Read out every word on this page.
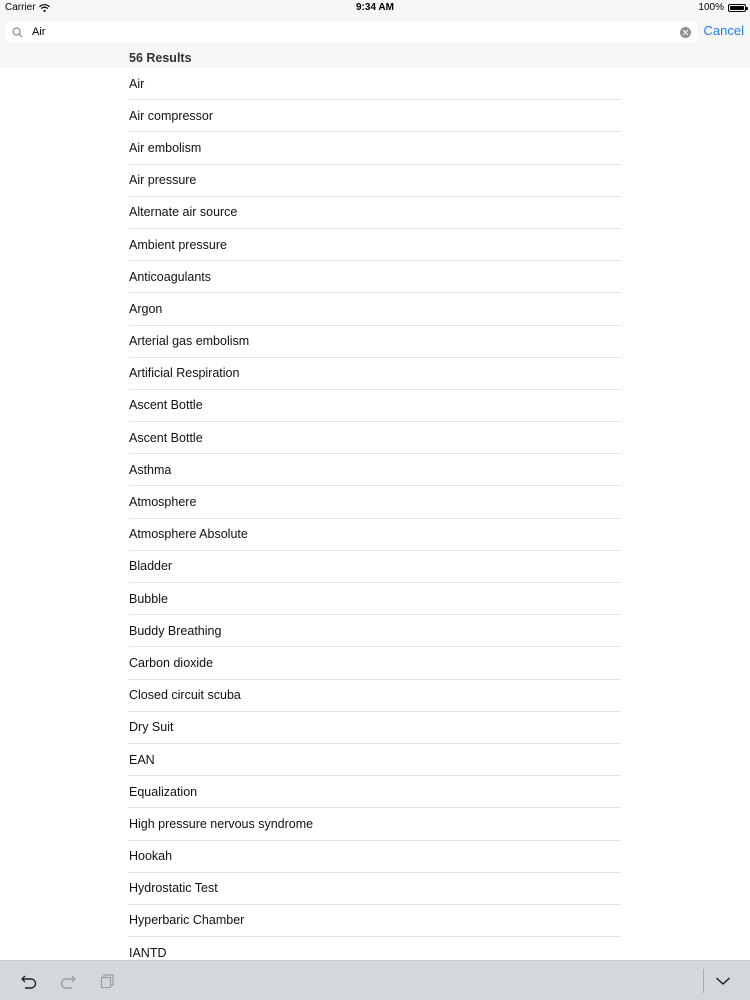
Carrier	9:34 AM	100%
Air	Cancel
56 Results
Air
Air compressor
Air embolism
Air pressure
Alternate air source
Ambient pressure
Anticoagulants
Argon
Arterial gas embolism
Artificial Respiration
Ascent Bottle
Ascent Bottle
Asthma
Atmosphere
Atmosphere Absolute
Bladder
Bubble
Buddy Breathing
Carbon dioxide
Closed circuit scuba
Dry Suit
EAN
Equalization
High pressure nervous syndrome
Hookah
Hydrostatic Test
Hyperbaric Chamber
IANTD
